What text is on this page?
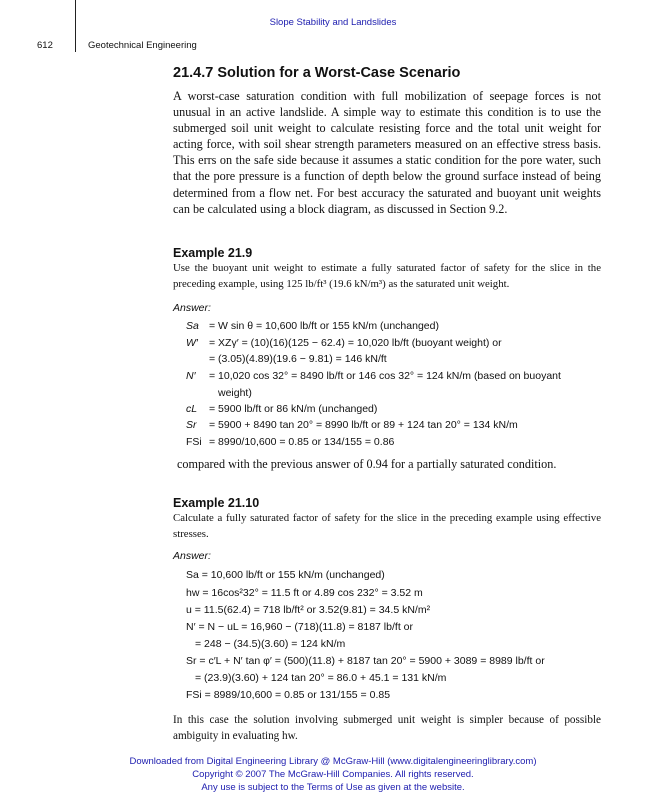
Slope Stability and Landslides
612	Geotechnical Engineering
21.4.7 Solution for a Worst-Case Scenario
A worst-case saturation condition with full mobilization of seepage forces is not unusual in an active landslide. A simple way to estimate this condition is to use the submerged soil unit weight to calculate resisting force and the total unit weight for acting force, with soil shear strength parameters measured on an effective stress basis. This errs on the safe side because it assumes a static condition for the pore water, such that the pore pressure is a function of depth below the ground surface instead of being determined from a flow net. For best accuracy the saturated and buoyant unit weights can be calculated using a block diagram, as discussed in Section 9.2.
Example 21.9
Use the buoyant unit weight to estimate a fully saturated factor of safety for the slice in the preceding example, using 125 lb/ft³ (19.6 kN/m³) as the saturated unit weight.
Answer:
Sa = W sin θ = 10,600 lb/ft or 155 kN/m (unchanged)
W′ = XZγ′ = (10)(16)(125 − 62.4) = 10,020 lb/ft (buoyant weight) or
= (3.05)(4.89)(19.6 − 9.81) = 146 kN/ft
N′ = 10,020 cos 32° = 8490 lb/ft or 146 cos 32° = 124 kN/m (based on buoyant
weight)
cL = 5900 lb/ft or 86 kN/m (unchanged)
Sr = 5900 + 8490 tan 20° = 8990 lb/ft or 89 + 124 tan 20° = 134 kN/m
FSi = 8990/10,600 = 0.85 or 134/155 = 0.86
compared with the previous answer of 0.94 for a partially saturated condition.
Example 21.10
Calculate a fully saturated factor of safety for the slice in the preceding example using effective stresses.
Answer:
Sa = 10,600 lb/ft or 155 kN/m (unchanged)
hw = 16cos²32° = 11.5 ft or 4.89 cos 232° = 3.52 m
u = 11.5(62.4) = 718 lb/ft² or 3.52(9.81) = 34.5 kN/m²
N′ = N − uL = 16,960 − (718)(11.8) = 8187 lb/ft or
= 248 − (34.5)(3.60) = 124 kN/m
Sr = c′L + N′ tan φ′ = (500)(11.8) + 8187 tan 20° = 5900 + 3089 = 8989 lb/ft or
= (23.9)(3.60) + 124 tan 20° = 86.0 + 45.1 = 131 kN/m
FSi = 8989/10,600 = 0.85 or 131/155 = 0.85
In this case the solution involving submerged unit weight is simpler because of possible ambiguity in evaluating hw.
Downloaded from Digital Engineering Library @ McGraw-Hill (www.digitalengineeringlibrary.com)
Copyright © 2007 The McGraw-Hill Companies. All rights reserved.
Any use is subject to the Terms of Use as given at the website.
